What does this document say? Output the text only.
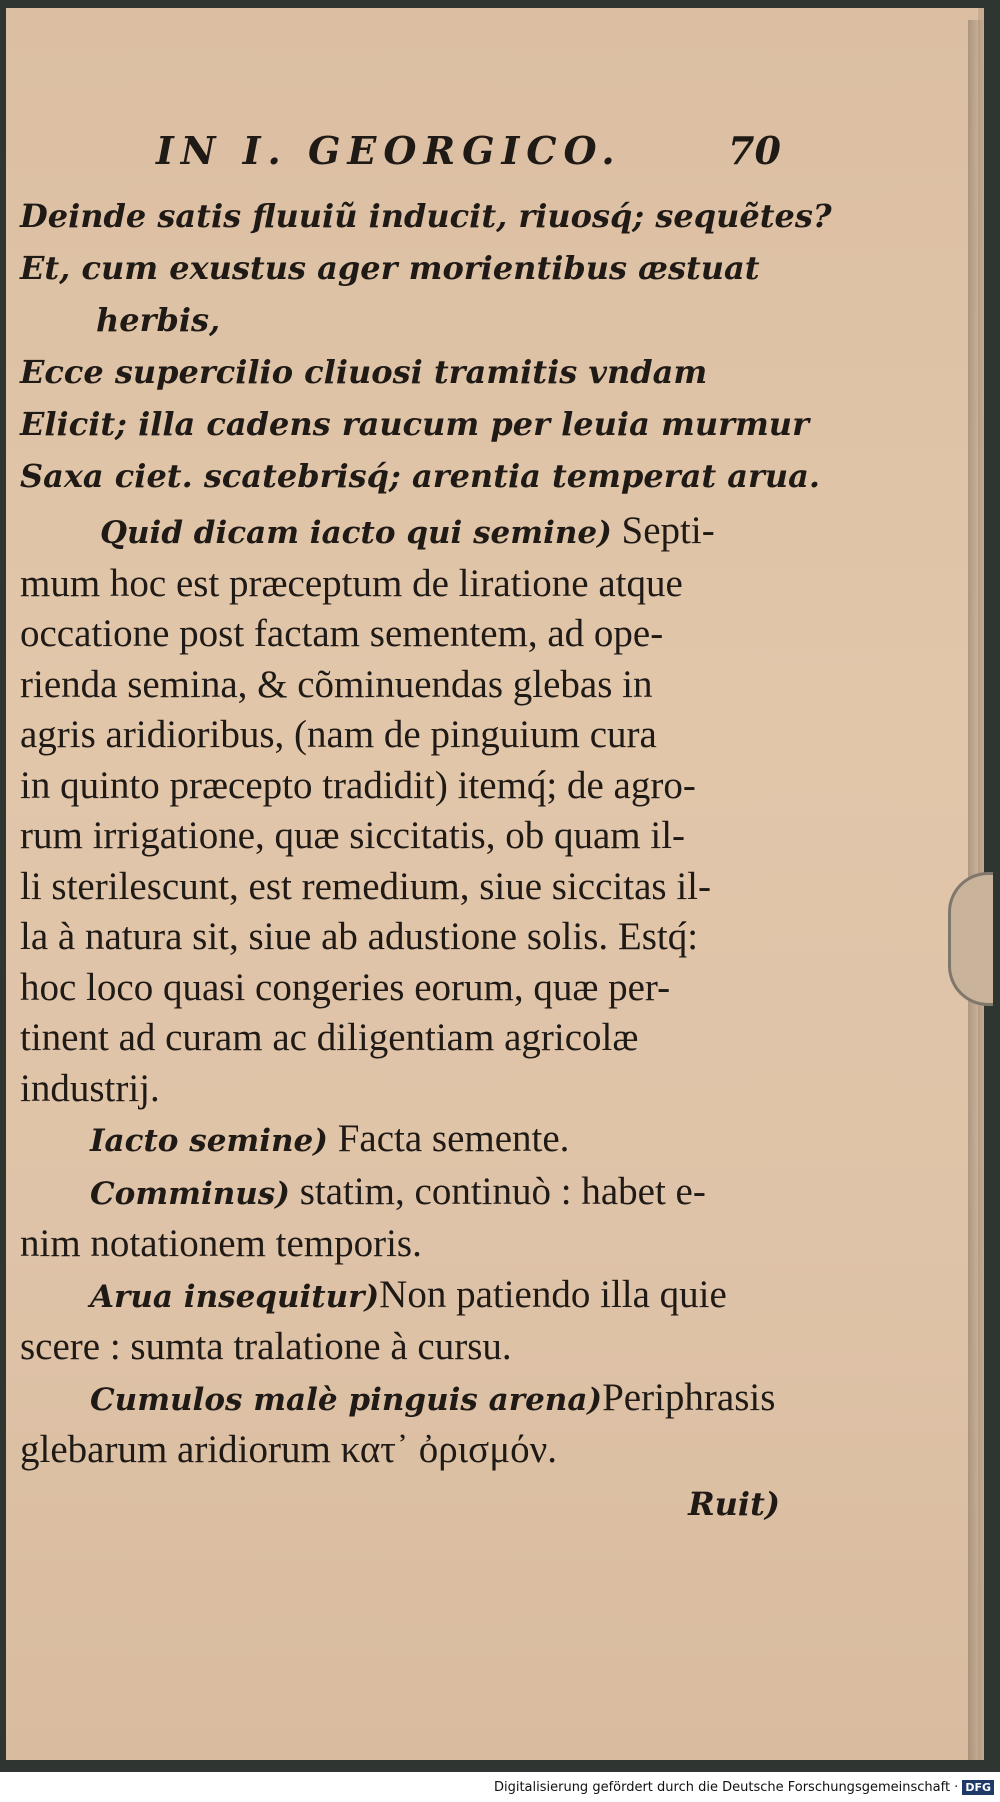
IN I. GEORGICO.	70
Deinde satis fluuiũ inducit, riuosq́; sequẽtes?
Et, cum exustus ager morientibus æstuat
herbis,
Ecce supercilio cliuosi tramitis vndam
Elicit; illa cadens raucum per leuia murmur
Saxa ciet. scatebrisq́; arentia temperat arua.
Quid dicam iacto qui semine) Septi-
mum hoc est præceptum de liratione atque
occatione post factam sementem, ad ope-
rienda semina, & cõminuendas glebas in
agris aridioribus, (nam de pinguium cura
in quinto præcepto tradidit) itemq́; de agro-
rum irrigatione, quæ siccitatis, ob quam il-
li sterilescunt, est remedium, siue siccitas il-
la à natura sit, siue ab adustione solis. Estq́:
hoc loco quasi congeries eorum, quæ per-
tinent ad curam ac diligentiam agricolæ
industrij.
Iacto semine) Facta semente.
Comminus) statim, continuò : habet e-
nim notationem temporis.
Arua insequitur)Non patiendo illa quie
scere : sumta tralatione à cursu.
Cumulos malè pinguis arena)Periphrasis
glebarum aridiorum κατ᾽ ὀρισμόν.
Ruit)
Digitalisierung gefördert durch die Deutsche Forschungsgemeinschaft · DFG
